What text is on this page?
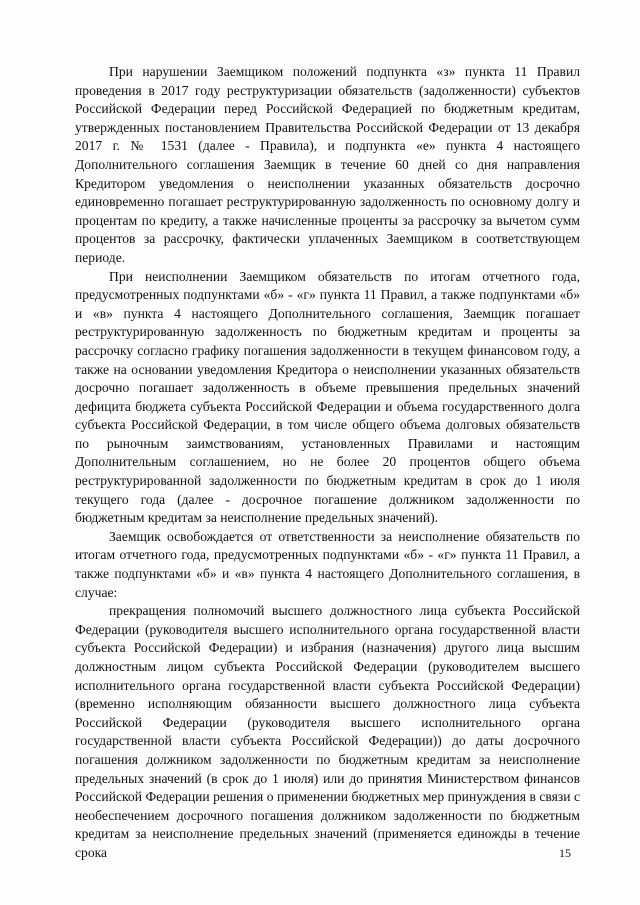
При нарушении Заемщиком положений подпункта «з» пункта 11 Правил проведения в 2017 году реструктуризации обязательств (задолженности) субъектов Российской Федерации перед Российской Федерацией по бюджетным кредитам, утвержденных постановлением Правительства Российской Федерации от 13 декабря 2017 г. № 1531 (далее - Правила), и подпункта «е» пункта 4 настоящего Дополнительного соглашения Заемщик в течение 60 дней со дня направления Кредитором уведомления о неисполнении указанных обязательств досрочно единовременно погашает реструктурированную задолженность по основному долгу и процентам по кредиту, а также начисленные проценты за рассрочку за вычетом сумм процентов за рассрочку, фактически уплаченных Заемщиком в соответствующем периоде.

При неисполнении Заемщиком обязательств по итогам отчетного года, предусмотренных подпунктами «б» - «г» пункта 11 Правил, а также подпунктами «б» и «в» пункта 4 настоящего Дополнительного соглашения, Заемщик погашает реструктурированную задолженность по бюджетным кредитам и проценты за рассрочку согласно графику погашения задолженности в текущем финансовом году, а также на основании уведомления Кредитора о неисполнении указанных обязательств досрочно погашает задолженность в объеме превышения предельных значений дефицита бюджета субъекта Российской Федерации и объема государственного долга субъекта Российской Федерации, в том числе общего объема долговых обязательств по рыночным заимствованиям, установленных Правилами и настоящим Дополнительным соглашением, но не более 20 процентов общего объема реструктурированной задолженности по бюджетным кредитам в срок до 1 июля текущего года (далее - досрочное погашение должником задолженности по бюджетным кредитам за неисполнение предельных значений).

Заемщик освобождается от ответственности за неисполнение обязательств по итогам отчетного года, предусмотренных подпунктами «б» - «г» пункта 11 Правил, а также подпунктами «б» и «в» пункта 4 настоящего Дополнительного соглашения, в случае:

прекращения полномочий высшего должностного лица субъекта Российской Федерации (руководителя высшего исполнительного органа государственной власти субъекта Российской Федерации) и избрания (назначения) другого лица высшим должностным лицом субъекта Российской Федерации (руководителем высшего исполнительного органа государственной власти субъекта Российской Федерации) (временно исполняющим обязанности высшего должностного лица субъекта Российской Федерации (руководителя высшего исполнительного органа государственной власти субъекта Российской Федерации)) до даты досрочного погашения должником задолженности по бюджетным кредитам за неисполнение предельных значений (в срок до 1 июля) или до принятия Министерством финансов Российской Федерации решения о применении бюджетных мер принуждения в связи с необеспечением досрочного погашения должником задолженности по бюджетным кредитам за неисполнение предельных значений (применяется единожды в течение срока	15
